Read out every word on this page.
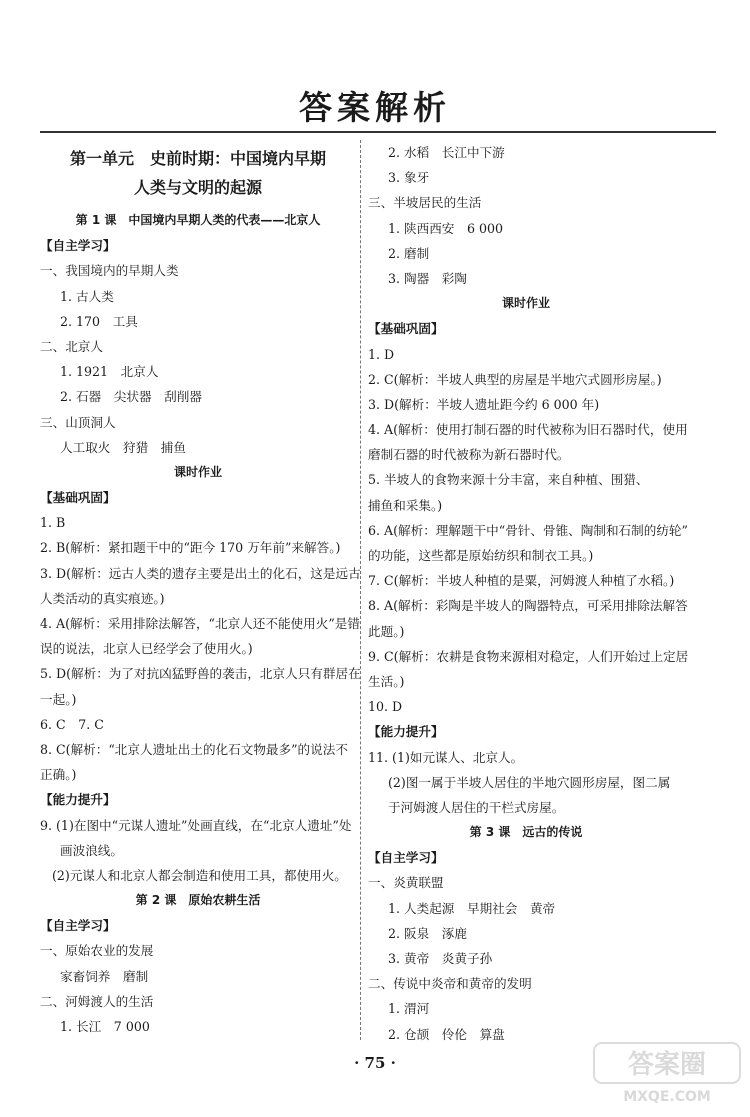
答案解析
第一单元　史前时期：中国境内早期
人类与文明的起源
第 1 课　中国境内早期人类的代表——北京人
【自主学习】
一、我国境内的早期人类
1. 古人类
2. 170　工具
二、北京人
1. 1921　北京人
2. 石器　尖状器　刮削器
三、山顶洞人
人工取火　狩猎　捕鱼
课时作业
【基础巩固】
1. B
2. B(解析：紧扣题干中的“距今 170 万年前”来解答。)
3. D(解析：远古人类的遗存主要是出土的化石，这是远古
人类活动的真实痕迹。)
4. A(解析：采用排除法解答，“北京人还不能使用火”是错
误的说法，北京人已经学会了使用火。)
5. D(解析：为了对抗凶猛野兽的袭击，北京人只有群居在
一起。)
6. C　7. C
8. C(解析：“北京人遗址出土的化石文物最多”的说法不
正确。)
【能力提升】
9. (1)在图中“元谋人遗址”处画直线，在“北京人遗址”处
画波浪线。
(2)元谋人和北京人都会制造和使用工具，都使用火。
第 2 课　原始农耕生活
【自主学习】
一、原始农业的发展
家畜饲养　磨制
二、河姆渡人的生活
1. 长江　7 000
2. 水稻　长江中下游
3. 象牙
三、半坡居民的生活
1. 陕西西安　6 000
2. 磨制
3. 陶器　彩陶
课时作业
【基础巩固】
1. D
2. C(解析：半坡人典型的房屋是半地穴式圆形房屋。)
3. D(解析：半坡人遗址距今约 6 000 年)
4. A(解析：使用打制石器的时代被称为旧石器时代，使用
磨制石器的时代被称为新石器时代。
5. 半坡人的食物来源十分丰富，来自种植、围猎、
捕鱼和采集。)
6. A(解析：理解题干中“骨针、骨锥、陶制和石制的纺轮”
的功能，这些都是原始纺织和制衣工具。)
7. C(解析：半坡人种植的是粟，河姆渡人种植了水稻。)
8. A(解析：彩陶是半坡人的陶器特点，可采用排除法解答
此题。)
9. C(解析：农耕是食物来源相对稳定，人们开始过上定居
生活。)
10. D
【能力提升】
11. (1)如元谋人、北京人。
(2)图一属于半坡人居住的半地穴圆形房屋，图二属
于河姆渡人居住的干栏式房屋。
第 3 课　远古的传说
【自主学习】
一、炎黄联盟
1. 人类起源　早期社会　黄帝
2. 阪泉　涿鹿
3. 黄帝　炎黄子孙
二、传说中炎帝和黄帝的发明
1. 渭河
2. 仓颉　伶伦　算盘
· 75 ·	答案圈
MXQE.COM
